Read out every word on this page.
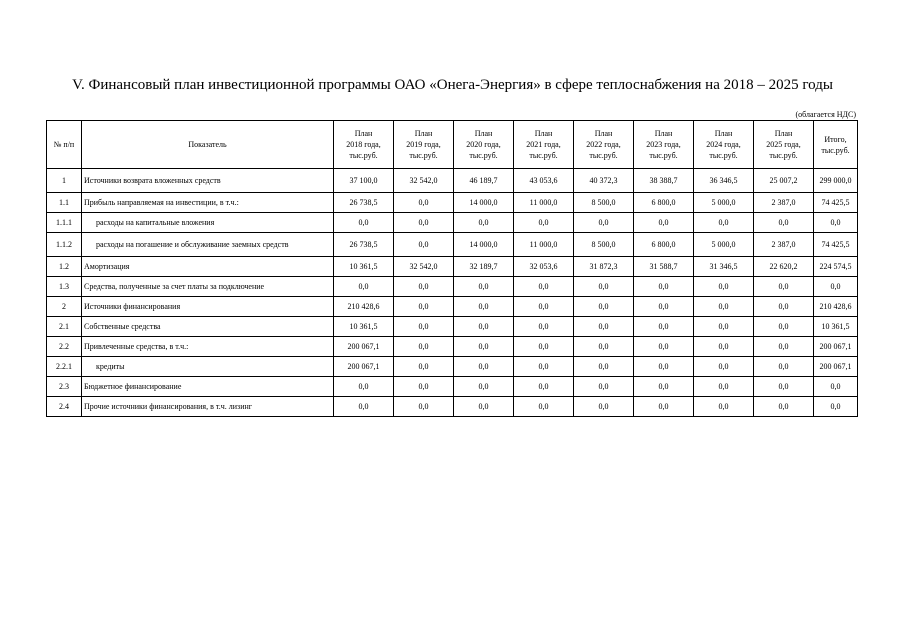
V. Финансовый план инвестиционной программы ОАО «Онега-Энергия» в сфере теплоснабжения на 2018 – 2025 годы
(облагается НДС)
№ п/п	Показатель	План
2018 года,
тыс.руб.	План
2019 года,
тыс.руб.	План
2020 года,
тыс.руб.	План
2021 года,
тыс.руб.	План
2022 года,
тыс.руб.	План
2023 года,
тыс.руб.	План
2024 года,
тыс.руб.	План
2025 года,
тыс.руб.	Итого,
тыс.руб.

1	Источники возврата вложенных средств	37 100,0	32 542,0	46 189,7	43 053,6	40 372,3	38 388,7	36 346,5	25 007,2	299 000,0
1.1	Прибыль направляемая на инвестиции, в т.ч.:	26 738,5	0,0	14 000,0	11 000,0	8 500,0	6 800,0	5 000,0	2 387,0	74 425,5
1.1.1	расходы на капитальные вложения	0,0	0,0	0,0	0,0	0,0	0,0	0,0	0,0	0,0
1.1.2	расходы на погашение и обслуживание заемных средств	26 738,5	0,0	14 000,0	11 000,0	8 500,0	6 800,0	5 000,0	2 387,0	74 425,5
1.2	Амортизация	10 361,5	32 542,0	32 189,7	32 053,6	31 872,3	31 588,7	31 346,5	22 620,2	224 574,5
1.3	Средства, полученные за счет платы за подключение	0,0	0,0	0,0	0,0	0,0	0,0	0,0	0,0	0,0
2	Источники финансирования	210 428,6	0,0	0,0	0,0	0,0	0,0	0,0	0,0	210 428,6
2.1	Собственные средства	10 361,5	0,0	0,0	0,0	0,0	0,0	0,0	0,0	10 361,5
2.2	Привлеченные средства, в т.ч.:	200 067,1	0,0	0,0	0,0	0,0	0,0	0,0	0,0	200 067,1
2.2.1	кредиты	200 067,1	0,0	0,0	0,0	0,0	0,0	0,0	0,0	200 067,1
2.3	Бюджетное финансирование	0,0	0,0	0,0	0,0	0,0	0,0	0,0	0,0	0,0
2.4	Прочие источники финансирования, в т.ч. лизинг	0,0	0,0	0,0	0,0	0,0	0,0	0,0	0,0	0,0
